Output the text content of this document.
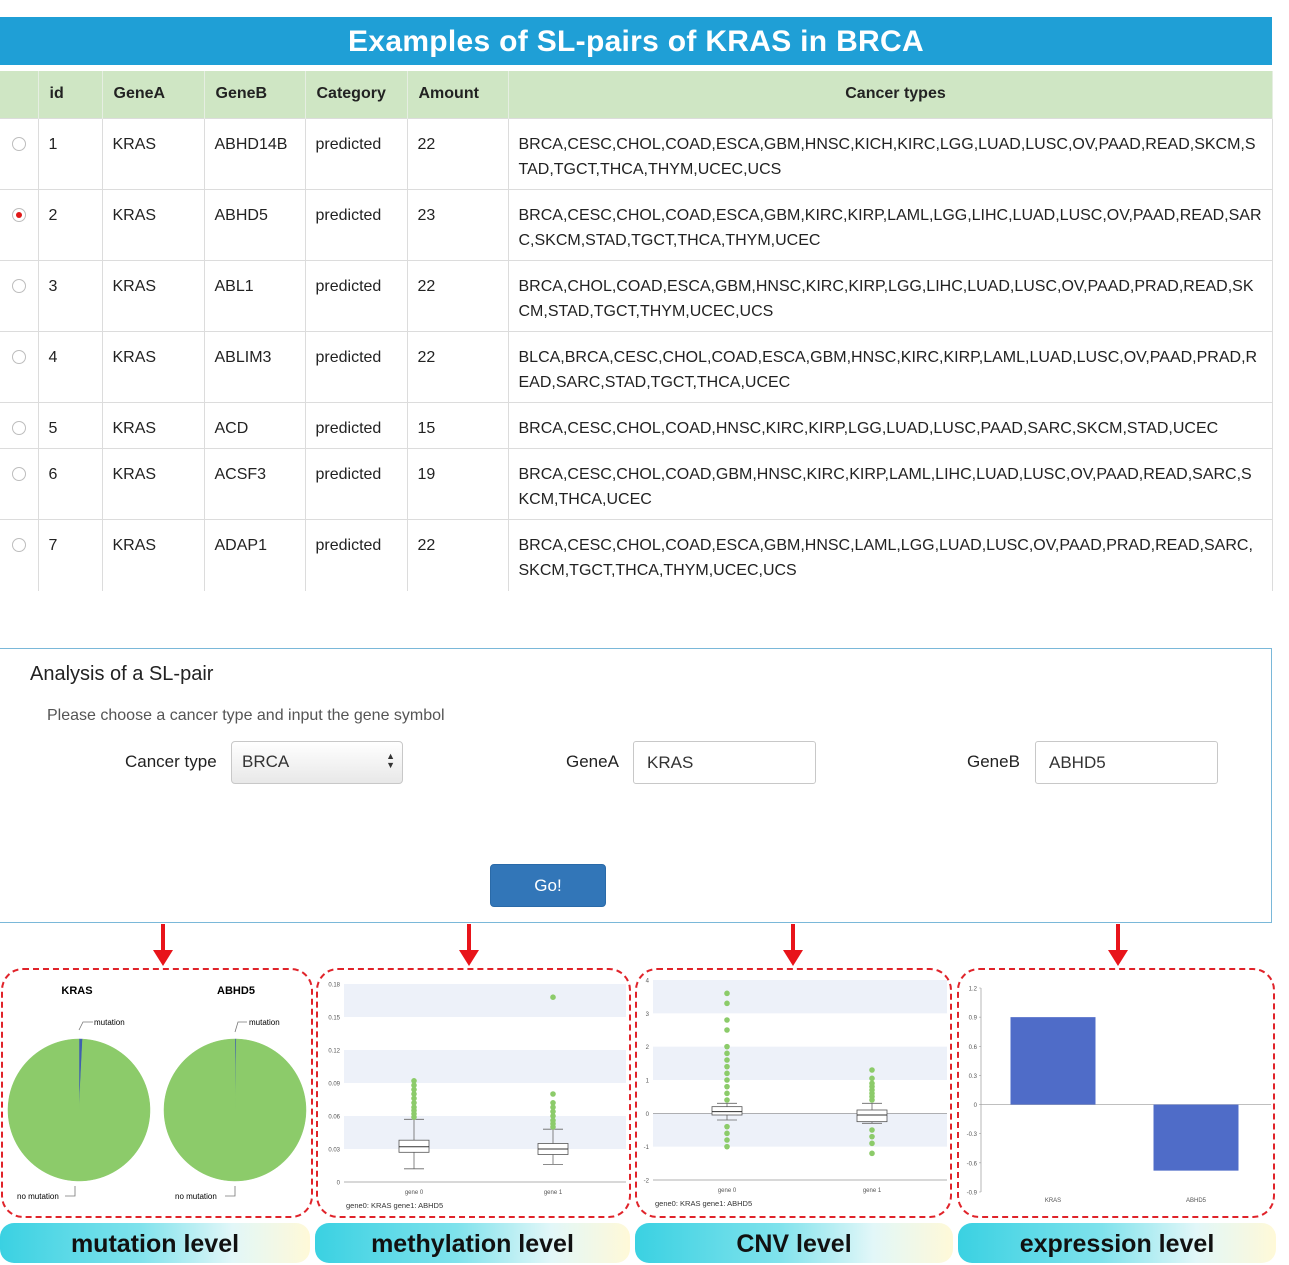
Examples of SL-pairs of KRAS in BRCA
	id	GeneA	GeneB	Category	Amount	Cancer types
	1	KRAS	ABHD14B	predicted	22	BRCA,CESC,CHOL,COAD,ESCA,GBM,HNSC,KICH,KIRC,LGG,LUAD,LUSC,OV,PAAD,READ,SKCM,STAD,TGCT,THCA,THYM,UCEC,UCS
	2	KRAS	ABHD5	predicted	23	BRCA,CESC,CHOL,COAD,ESCA,GBM,KIRC,KIRP,LAML,LGG,LIHC,LUAD,LUSC,OV,PAAD,READ,SARC,SKCM,STAD,TGCT,THCA,THYM,UCEC
	3	KRAS	ABL1	predicted	22	BRCA,CHOL,COAD,ESCA,GBM,HNSC,KIRC,KIRP,LGG,LIHC,LUAD,LUSC,OV,PAAD,PRAD,READ,SKCM,STAD,TGCT,THYM,UCEC,UCS
	4	KRAS	ABLIM3	predicted	22	BLCA,BRCA,CESC,CHOL,COAD,ESCA,GBM,HNSC,KIRC,KIRP,LAML,LUAD,LUSC,OV,PAAD,PRAD,READ,SARC,STAD,TGCT,THCA,UCEC
	5	KRAS	ACD	predicted	15	BRCA,CESC,CHOL,COAD,HNSC,KIRC,KIRP,LGG,LUAD,LUSC,PAAD,SARC,SKCM,STAD,UCEC
	6	KRAS	ACSF3	predicted	19	BRCA,CESC,CHOL,COAD,GBM,HNSC,KIRC,KIRP,LAML,LIHC,LUAD,LUSC,OV,PAAD,READ,SARC,SKCM,THCA,UCEC
	7	KRAS	ADAP1	predicted	22	BRCA,CESC,CHOL,COAD,ESCA,GBM,HNSC,LAML,LGG,LUAD,LUSC,OV,PAAD,PRAD,READ,SARC,SKCM,TGCT,THCA,THYM,UCEC,UCS
Analysis of a SL-pair
Please choose a cancer type and input the gene symbol
Cancer type	BRCA	▲
▼	GeneA	KRAS	GeneB	ABHD5
Go!
KRAS	ABHD5
mutation	mutation
no mutation	no mutation
0
0.03
0.06
0.09
0.12
0.15
0.18
gene 0	gene 1
gene0: KRAS gene1: ABHD5
-2
-1
0
1
2
3
4
gene 0	gene 1
gene0: KRAS gene1: ABHD5
-0.9
-0.6
-0.3
0
0.3
0.6
0.9
1.2
KRAS	ABHD5
mutation level	methylation level	CNV level	expression level
